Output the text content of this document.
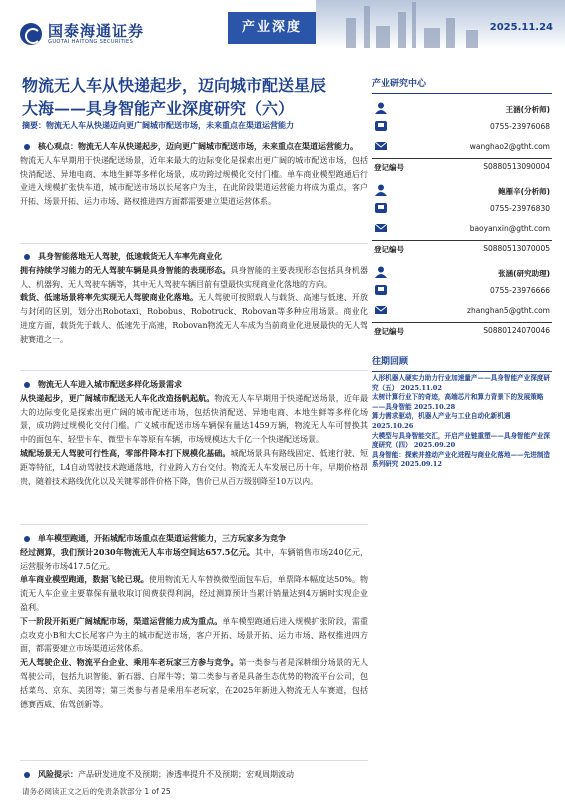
国泰海通证券
GUOTAI HAITONG SECURITIES
产业深度	2025.11.24
物流无人车从快递起步，迈向城市配送星辰
大海——具身智能产业深度研究（六）
摘要：物流无人车从快递迈向更广阔城市配送市场，未来重点在渠道运营能力
核心观点：物流无人车从快递起步，迈向更广阔城市配送市场，未来重点在渠道运营能力。
物流无人车早期用于快递配送场景，近年来最大的边际变化是探索出更广阔的城市配送市场，包括快消配送、异地电商、本地生鲜等多样化场景，成功跨过规模化交付门槛。单车商业模型跑通后行业进入规模扩张快车道，城市配送市场以长尾客户为主，在此阶段渠道运营能力将成为重点，客户开拓、场景开拓、运力市场、路权推进四方面都需要建立渠道运营体系。
具身智能落地无人驾驶，低速载货无人车率先商业化
拥有持续学习能力的无人驾驶车辆是具身智能的表现形态。具身智能的主要表现形态包括具身机器人、机器狗、无人驾驶车辆等，其中无人驾驶车辆目前有望最快实现商业化落地的方向。
载货、低速场景将率先实现无人驾驶商业化落地。无人驾驶可按照载人与载货、高速与低速、开放与封闭的区别，划分出Robotaxi、Robobus、Robotruck、Robovan等多种应用场景。商业化进度方面，载货先于载人、低速先于高速，Robovan物流无人车成为当前商业化进展最快的无人驾驶赛道之一。
物流无人车进入城市配送多样化场景需求
从快递起步，更广阔城市配送无人车化改造扬帆起航。物流无人车早期用于快递配送场景，近年最大的边际变化是探索出更广阔的城市配送市场，包括快消配送、异地电商、本地生鲜等多样化场景，成功跨过规模化交付门槛。广义城市配送市场车辆保有量达1459万辆，物流无人车可替换其中的面包车、轻型卡车、微型卡车等原有车辆，市场规模达大千亿一个快递配送场景。
城配场景无人驾驶可行性高，零部件降本打下规模化基础。城配场景具有路线固定、低速行驶、短距等特征，L4自动驾驶技术跑通落地，行业跨入方台交付。物流无人车发展已历十年，早期价格昂贵，随着技术路线优化以及关键零部件价格下降，售价已从百万级别降至10万以内。
单车模型跑通，开拓城配市场重点在渠道运营能力，三方玩家多为竞争
经过测算，我们预计2030年物流无人车市场空间达657.5亿元。其中，车辆销售市场240亿元，运营服务市场417.5亿元。
单车商业模型跑通，数据飞轮已现。使用物流无人车替换微型面包车后，单票降本幅度达50%。物流无人车企业主要靠保有量收取订阅费获得利润，经过测算预计当累计销量达到4万辆时实现企业盈利。
下一阶段开拓更广阔城配市场，渠道运营能力成为重点。单车模型跑通后进入规模扩张阶段，需重点攻克小B和大C长尾客户为主的城市配送市场，客户开拓、场景开拓、运力市场、路权推进四方面，都需要建立市场渠道运营体系。
无人驾驶企业、物流平台企业、乘用车老玩家三方参与竞争。第一类参与者是深耕细分场景的无人驾驶公司，包括九识智能、新石器、白犀牛等；第二类参与者是具备生态优势的物流平台公司，包括菜鸟、京东、美团等；第三类参与者是乘用车老玩家，在2025年新进入物流无人车赛道，包括德赛西威、佑驾创新等。
风险提示：产品研发进度不及预期；渗透率提升不及预期；宏观周期波动
产业研究中心
王涵(分析师)
0755-23976068
wanghao2@gtht.com
登记编号	S0880513090004
鲍雁辛(分析师)
0755-23976830
baoyanxin@gtht.com
登记编号	S0880513070005
张涵(研究助理)
0755-23976666
zhanghan5@gtht.com
登记编号	S0880124070046
往期回顾
人形机器人硬实力助力行业加速量产——具身智能产业深度研究（五） 2025.11.02
太树计算行业下的奇迹，高端芯片和算力背景下的发展策略——具身智能 2025.10.28
算力需求驱动，机器人产业与工业自动化新机遇 2025.10.26
大模型与具身智能交汇，开启产业链重塑——具身智能产业深度研究（四） 2025.09.20
具身智能：探索并推动产业化进程与商业化落地——先进制造系列研究 2025.09.12
请务必阅读正文之后的免责条款部分 1 of 25
